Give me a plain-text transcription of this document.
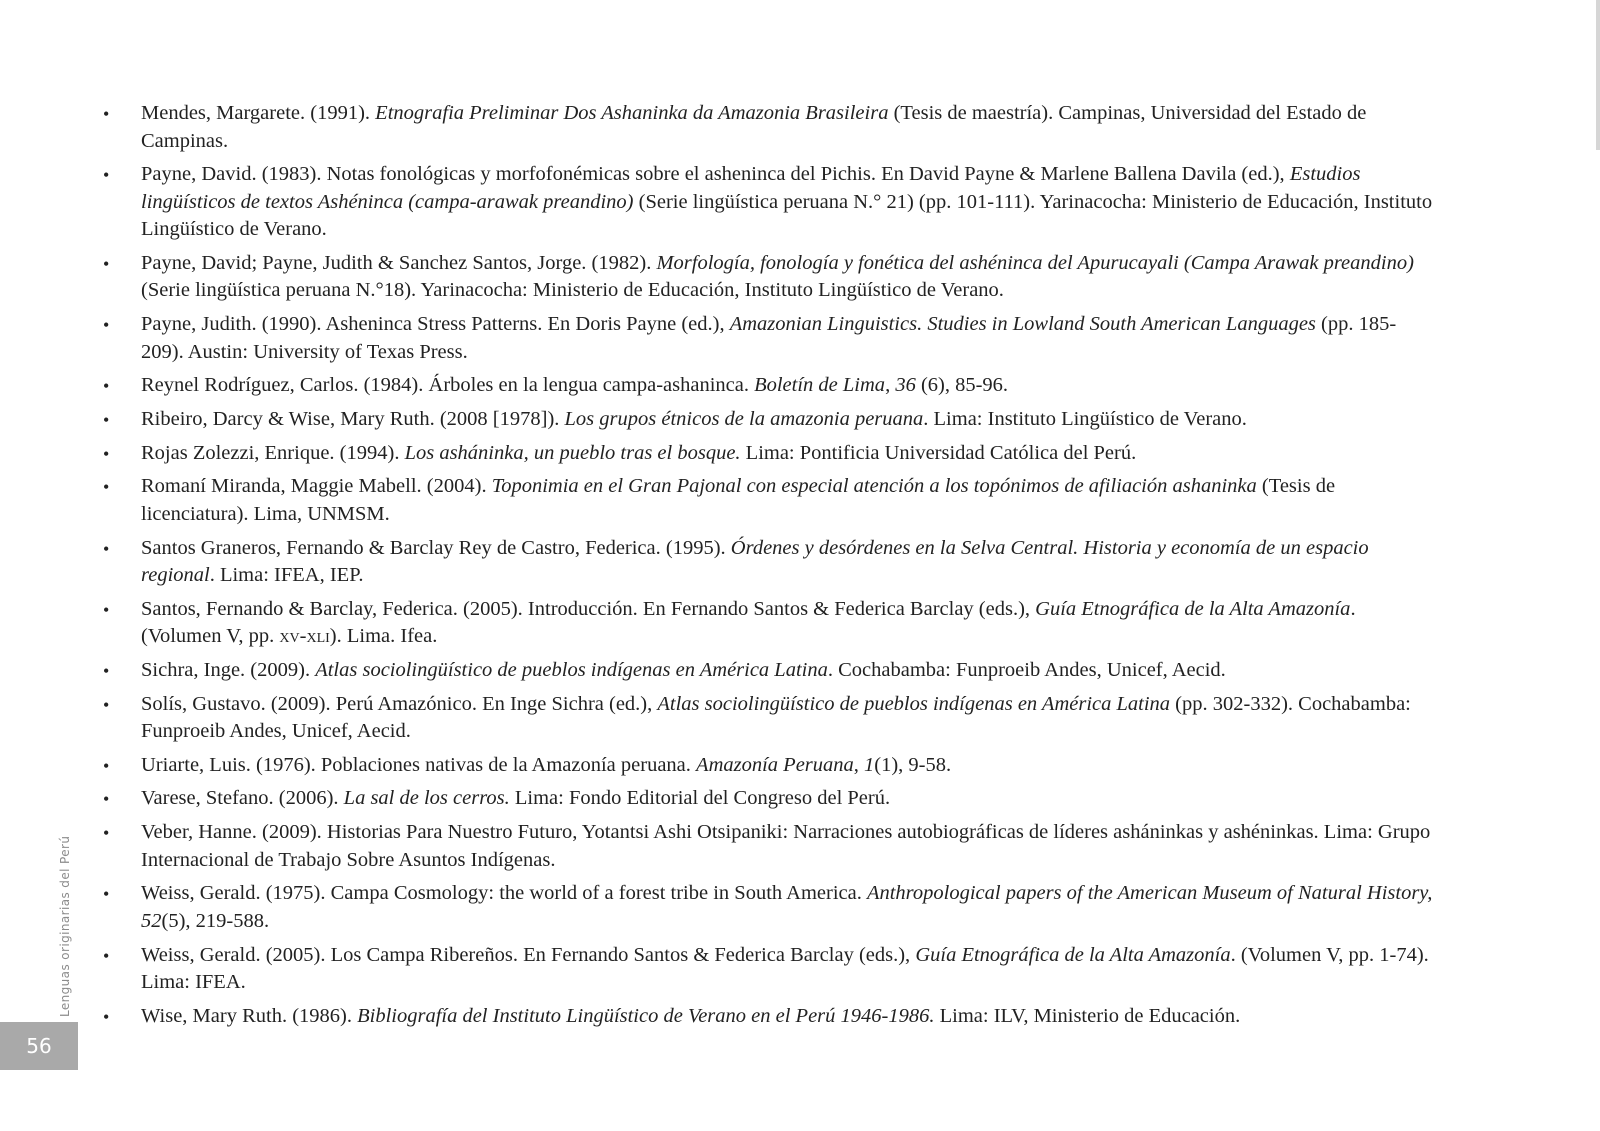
•	Mendes, Margarete. (1991). Etnografia Preliminar Dos Ashaninka da Amazonia Brasileira (Tesis de maestría). Campinas, Universidad del Estado de Campinas.
•	Payne, David. (1983). Notas fonológicas y morfofonémicas sobre el asheninca del Pichis. En David Payne & Marlene Ballena Davila (ed.), Estudios lingüísticos de textos Ashéninca (campa-arawak preandino) (Serie lingüística peruana N.° 21) (pp. 101-111). Yarinacocha: Ministerio de Educación, Instituto Lingüístico de Verano.
•	Payne, David; Payne, Judith & Sanchez Santos, Jorge. (1982). Morfología, fonología y fonética del ashéninca del Apurucayali (Campa Arawak preandino) (Serie lingüística peruana N.°18). Yarinacocha: Ministerio de Educación, Instituto Lingüístico de Verano.
•	Payne, Judith. (1990). Asheninca Stress Patterns. En Doris Payne (ed.), Amazonian Linguistics. Studies in Lowland South American Languages (pp. 185-209). Austin: University of Texas Press.
•	Reynel Rodríguez, Carlos. (1984). Árboles en la lengua campa-ashaninca. Boletín de Lima, 36 (6), 85-96.
•	Ribeiro, Darcy & Wise, Mary Ruth. (2008 [1978]). Los grupos étnicos de la amazonia peruana. Lima: Instituto Lingüístico de Verano.
•	Rojas Zolezzi, Enrique. (1994). Los asháninka, un pueblo tras el bosque. Lima: Pontificia Universidad Católica del Perú.
•	Romaní Miranda, Maggie Mabell. (2004). Toponimia en el Gran Pajonal con especial atención a los topónimos de afiliación ashaninka (Tesis de licenciatura). Lima, UNMSM.
•	Santos Graneros, Fernando & Barclay Rey de Castro, Federica. (1995). Órdenes y desórdenes en la Selva Central. Historia y economía de un espacio regional. Lima: IFEA, IEP.
•	Santos, Fernando & Barclay, Federica. (2005). Introducción. En Fernando Santos & Federica Barclay (eds.), Guía Etnográfica de la Alta Amazonía. (Volumen V, pp. xv-xli). Lima. Ifea.
•	Sichra, Inge. (2009). Atlas sociolingüístico de pueblos indígenas en América Latina. Cochabamba: Funproeib Andes, Unicef, Aecid.
•	Solís, Gustavo. (2009). Perú Amazónico. En Inge Sichra (ed.), Atlas sociolingüístico de pueblos indígenas en América Latina (pp. 302-332). Cochabamba: Funproeib Andes, Unicef, Aecid.
•	Uriarte, Luis. (1976). Poblaciones nativas de la Amazonía peruana. Amazonía Peruana, 1(1), 9-58.
•	Varese, Stefano. (2006). La sal de los cerros. Lima: Fondo Editorial del Congreso del Perú.
•	Veber, Hanne. (2009). Historias Para Nuestro Futuro, Yotantsi Ashi Otsipaniki: Narraciones autobiográficas de líderes asháninkas y ashéninkas. Lima: Grupo Internacional de Trabajo Sobre Asuntos Indígenas.
•	Weiss, Gerald. (1975). Campa Cosmology: the world of a forest tribe in South America. Anthropological papers of the American Museum of Natural History, 52(5), 219-588.
•	Weiss, Gerald. (2005). Los Campa Ribereños. En Fernando Santos & Federica Barclay (eds.), Guía Etnográfica de la Alta Amazonía. (Volumen V, pp. 1-74). Lima: IFEA.
•	Wise, Mary Ruth. (1986). Bibliografía del Instituto Lingüístico de Verano en el Perú 1946-1986. Lima: ILV, Ministerio de Educación.
Lenguas originarias del Perú
56
